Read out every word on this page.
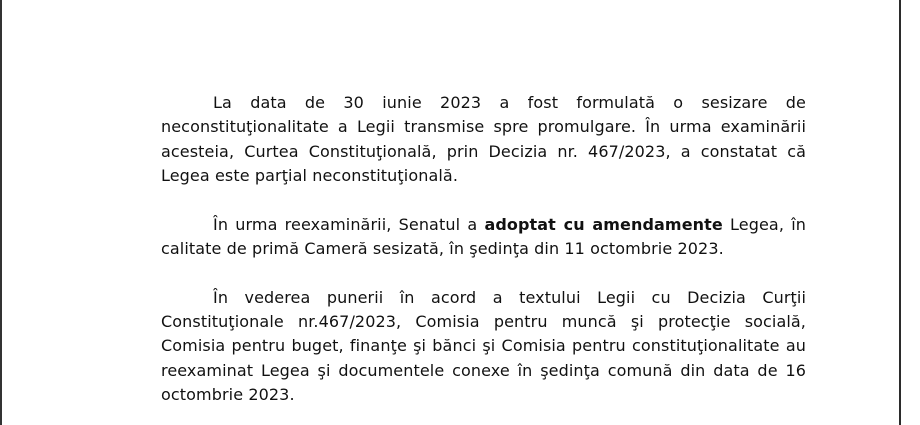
La data de 30 iunie 2023 a fost formulată o sesizare de neconstituţionalitate a Legii transmise spre promulgare. În urma examinării acesteia, Curtea Constituţională, prin Decizia nr. 467/2023, a constatat că Legea este parţial neconstituţională.

În urma reexaminării, Senatul a adoptat cu amendamente Legea, în calitate de primă Cameră sesizată, în şedinţa din 11 octombrie 2023.

În vederea punerii în acord a textului Legii cu Decizia Curţii Constituţionale nr.467/2023, Comisia pentru muncă şi protecţie socială, Comisia pentru buget, finanţe şi bănci şi Comisia pentru constituţionalitate au reexaminat Legea şi documentele conexe în şedinţa comună din data de 16 octombrie 2023.
